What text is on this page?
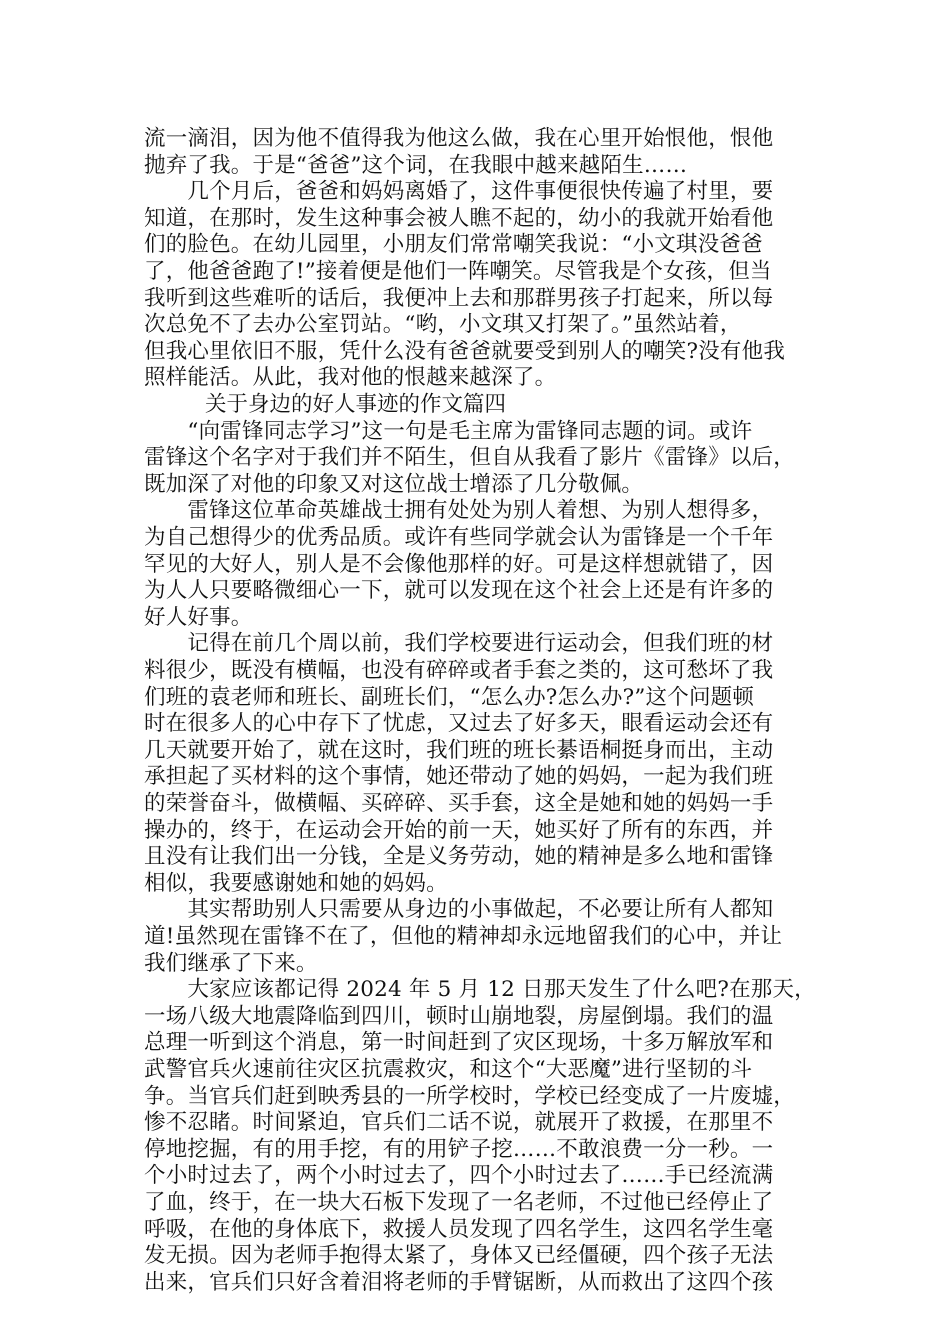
流一滴泪，因为他不值得我为他这么做，我在心里开始恨他，恨他
抛弃了我。于是“爸爸”这个词，在我眼中越来越陌生……
　　几个月后，爸爸和妈妈离婚了，这件事便很快传遍了村里，要
知道，在那时，发生这种事会被人瞧不起的，幼小的我就开始看他
们的脸色。在幼儿园里，小朋友们常常嘲笑我说：“小文琪没爸爸
了，他爸爸跑了!”接着便是他们一阵嘲笑。尽管我是个女孩，但当
我听到这些难听的话后，我便冲上去和那群男孩子打起来，所以每
次总免不了去办公室罚站。“哟，小文琪又打架了。”虽然站着，
但我心里依旧不服，凭什么没有爸爸就要受到别人的嘲笑?没有他我
照样能活。从此，我对他的恨越来越深了。
关于身边的好人事迹的作文篇四
　　“向雷锋同志学习”这一句是毛主席为雷锋同志题的词。或许
雷锋这个名字对于我们并不陌生，但自从我看了影片《雷锋》以后，
既加深了对他的印象又对这位战士增添了几分敬佩。
　　雷锋这位革命英雄战士拥有处处为别人着想、为别人想得多，
为自己想得少的优秀品质。或许有些同学就会认为雷锋是一个千年
罕见的大好人，别人是不会像他那样的好。可是这样想就错了，因
为人人只要略微细心一下，就可以发现在这个社会上还是有许多的
好人好事。
　　记得在前几个周以前，我们学校要进行运动会，但我们班的材
料很少，既没有横幅，也没有碎碎或者手套之类的，这可愁坏了我
们班的袁老师和班长、副班长们，“怎么办?怎么办?”这个问题顿
时在很多人的心中存下了忧虑，又过去了好多天，眼看运动会还有
几天就要开始了，就在这时，我们班的班长綦语桐挺身而出，主动
承担起了买材料的这个事情，她还带动了她的妈妈，一起为我们班
的荣誉奋斗，做横幅、买碎碎、买手套，这全是她和她的妈妈一手
操办的，终于，在运动会开始的前一天，她买好了所有的东西，并
且没有让我们出一分钱，全是义务劳动，她的精神是多么地和雷锋
相似，我要感谢她和她的妈妈。
　　其实帮助别人只需要从身边的小事做起，不必要让所有人都知
道!虽然现在雷锋不在了，但他的精神却永远地留我们的心中，并让
我们继承了下来。
　　大家应该都记得 2024 年 5 月 12 日那天发生了什么吧?在那天，
一场八级大地震降临到四川，顿时山崩地裂，房屋倒塌。我们的温
总理一听到这个消息，第一时间赶到了灾区现场，十多万解放军和
武警官兵火速前往灾区抗震救灾，和这个“大恶魔”进行坚韧的斗
争。当官兵们赶到映秀县的一所学校时，学校已经变成了一片废墟，
惨不忍睹。时间紧迫，官兵们二话不说，就展开了救援，在那里不
停地挖掘，有的用手挖，有的用铲子挖……不敢浪费一分一秒。一
个小时过去了，两个小时过去了，四个小时过去了……手已经流满
了血，终于，在一块大石板下发现了一名老师，不过他已经停止了
呼吸，在他的身体底下，救援人员发现了四名学生，这四名学生毫
发无损。因为老师手抱得太紧了，身体又已经僵硬，四个孩子无法
出来，官兵们只好含着泪将老师的手臂锯断，从而救出了这四个孩
